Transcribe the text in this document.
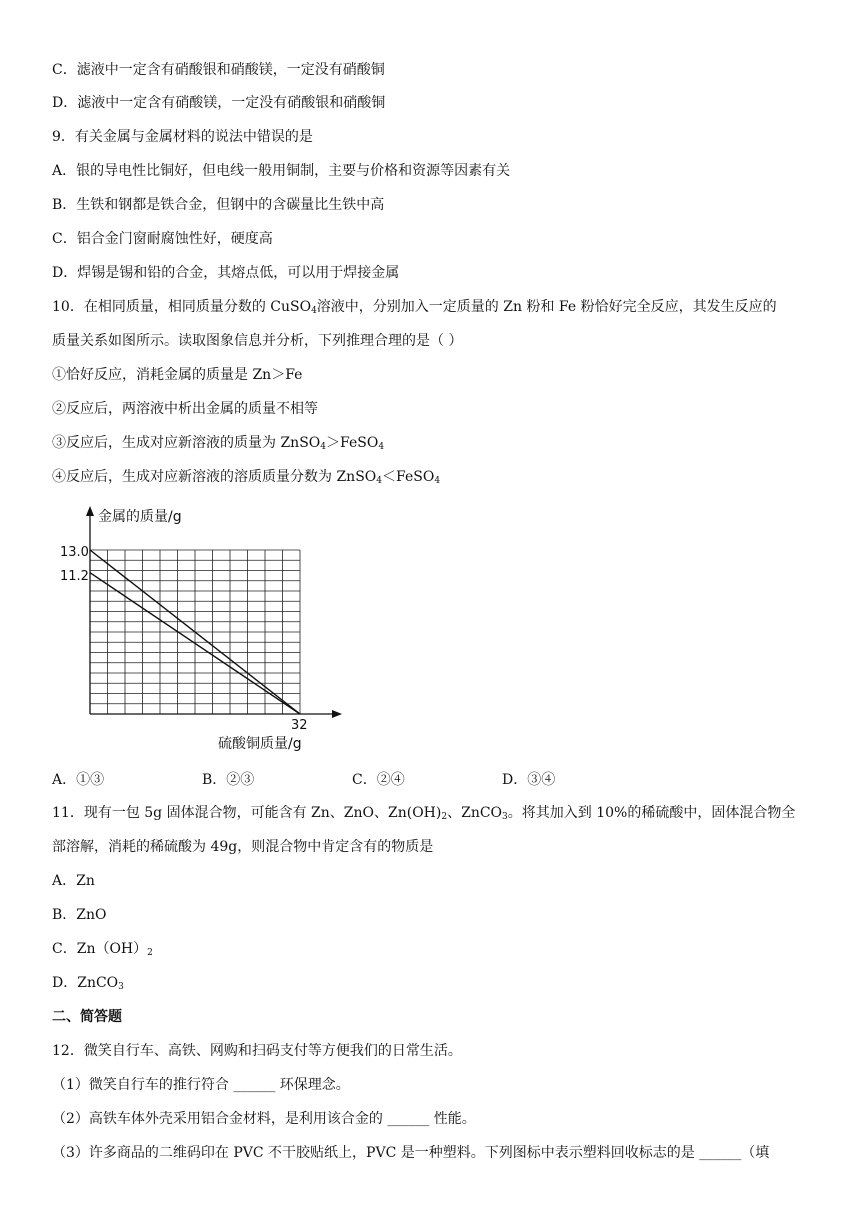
C．滤液中一定含有硝酸银和硝酸镁，一定没有硝酸铜
D．滤液中一定含有硝酸镁，一定没有硝酸银和硝酸铜
9．有关金属与金属材料的说法中错误的是
A．银的导电性比铜好，但电线一般用铜制，主要与价格和资源等因素有关
B．生铁和钢都是铁合金，但钢中的含碳量比生铁中高
C．铝合金门窗耐腐蚀性好，硬度高
D．焊锡是锡和铅的合金，其熔点低，可以用于焊接金属
10．在相同质量，相同质量分数的 CuSO$_4$溶液中，分别加入一定质量的 Zn 粉和 Fe 粉恰好完全反应，其发生反应的
质量关系如图所示。读取图象信息并分析，下列推理合理的是（ ）
①恰好反应，消耗金属的质量是 Zn＞Fe
②反应后，两溶液中析出金属的质量不相等
③反应后，生成对应新溶液的质量为 ZnSO$_4$＞FeSO$_4$
④反应后，生成对应新溶液的溶质质量分数为 ZnSO$_4$＜FeSO$_4$
金属的质量/g
硫酸铜质量/g
13.0
11.2
32
A．①③	B．②③	C．②④	D．③④
11．现有一包 5g 固体混合物，可能含有 Zn、ZnO、$Zn(OH)_2$、ZnCO$_3$。将其加入到 10%的稀硫酸中，固体混合物全
部溶解，消耗的稀硫酸为 49g，则混合物中肯定含有的物质是
A．Zn
B．ZnO
C．$Zn(OH)_2$
D．ZnCO$_3$
二、简答题
12．微笑自行车、高铁、网购和扫码支付等方便我们的日常生活。
（1）微笑自行车的推行符合 ______ 环保理念。
（2）高铁车体外壳采用铝合金材料，是利用该合金的 ______ 性能。
（3）许多商品的二维码印在 PVC 不干胶贴纸上，PVC 是一种塑料。下列图标中表示塑料回收标志的是 ______（填
